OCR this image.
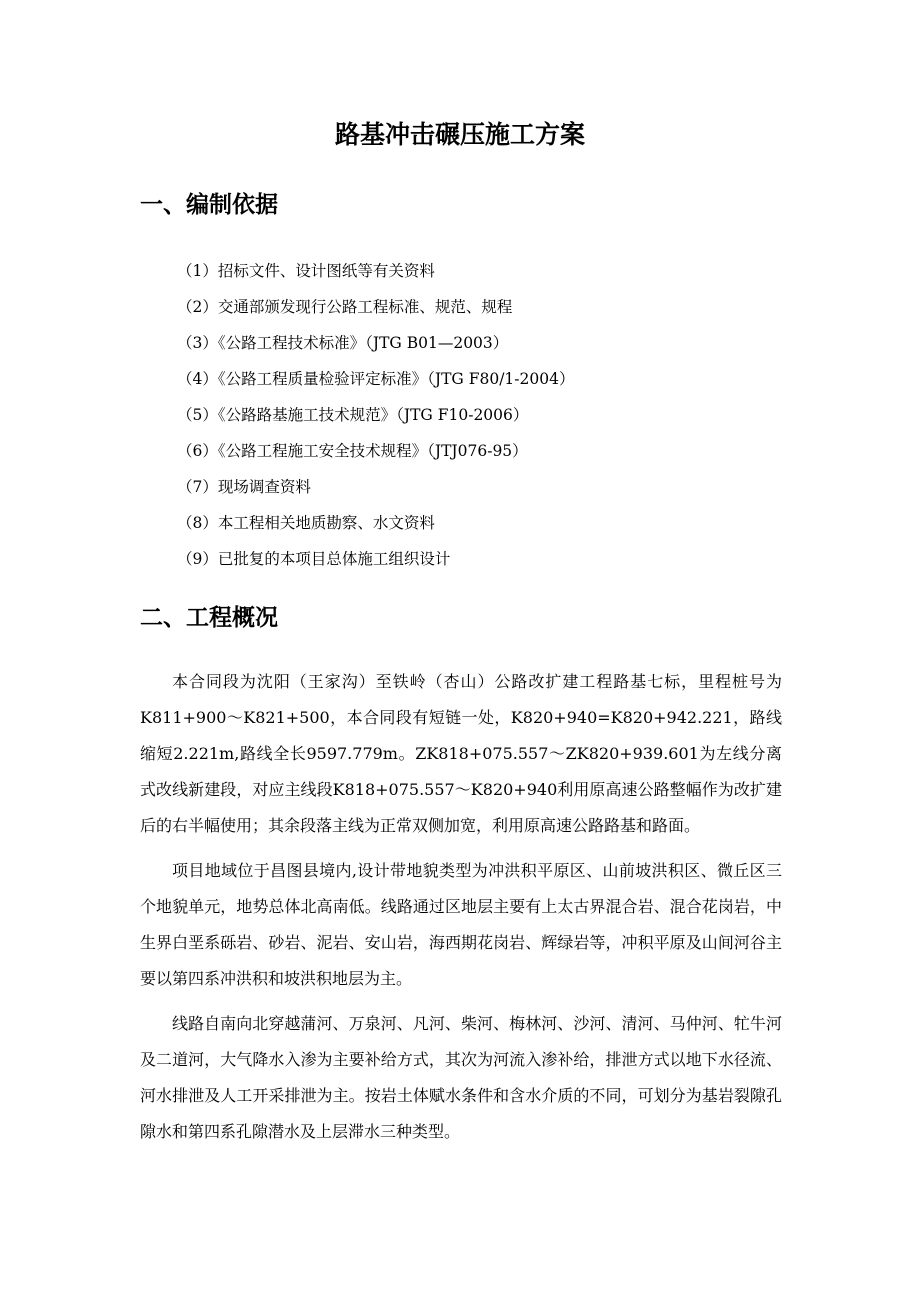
路基冲击碾压施工方案
一、编制依据
（1）招标文件、设计图纸等有关资料
（2）交通部颁发现行公路工程标准、规范、规程
（3）《公路工程技术标准》（JTG B01—2003）
（4）《公路工程质量检验评定标准》（JTG F80/1-2004）
（5）《公路路基施工技术规范》（JTG F10-2006）
（6）《公路工程施工安全技术规程》（JTJ076-95）
（7）现场调查资料
（8）本工程相关地质勘察、水文资料
（9）已批复的本项目总体施工组织设计
二、工程概况

本合同段为沈阳（王家沟）至铁岭（杏山）公路改扩建工程路基七标，里程桩号为K811+900～K821+500，本合同段有短链一处，K820+940=K820+942.221，路线缩短2.221m,路线全长9597.779m。ZK818+075.557～ZK820+939.601为左线分离式改线新建段，对应主线段K818+075.557～K820+940利用原高速公路整幅作为改扩建后的右半幅使用；其余段落主线为正常双侧加宽，利用原高速公路路基和路面。

项目地域位于昌图县境内,设计带地貌类型为冲洪积平原区、山前坡洪积区、微丘区三个地貌单元，地势总体北高南低。线路通过区地层主要有上太古界混合岩、混合花岗岩，中生界白垩系砾岩、砂岩、泥岩、安山岩，海西期花岗岩、辉绿岩等，冲积平原及山间河谷主要以第四系冲洪积和坡洪积地层为主。

线路自南向北穿越蒲河、万泉河、凡河、柴河、梅林河、沙河、清河、马仲河、牤牛河及二道河，大气降水入渗为主要补给方式，其次为河流入渗补给，排泄方式以地下水径流、河水排泄及人工开采排泄为主。按岩土体赋水条件和含水介质的不同，可划分为基岩裂隙孔隙水和第四系孔隙潜水及上层滞水三种类型。
